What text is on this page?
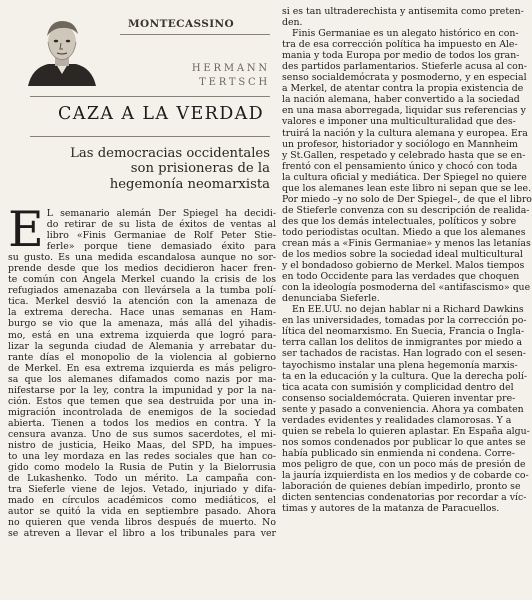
MONTECASSINO
HERMANN
TERTSCH
CAZA A LA VERDAD
Las democracias occidentales
son prisioneras de la
hegemonía neomarxista
E L semanario alemán Der Spiegel ha decidi-
do retirar de su lista de éxitos de ventas al
libro «Finis Germaniae de Rolf Peter Stie-
ferle» porque tiene demasiado éxito para
su gusto. Es una medida escandalosa aunque no sor-
prende desde que los medios decidieron hacer fren-
te común con Angela Merkel cuando la crisis de los
refugiados amenazaba con llevársela a la tumba polí-
tica. Merkel desvió la atención con la amenaza de
la extrema derecha. Hace unas semanas en Ham-
burgo se vio que la amenaza, más allá del yihadis-
mo, está en una extrema izquierda que logró para-
lizar la segunda ciudad de Alemania y arrebatar du-
rante días el monopolio de la violencia al gobierno
de Merkel. En esa extrema izquierda es más peligro-
sa que los alemanes difamados como nazis por ma-
nifestarse por la ley, contra la impunidad y por la na-
ción. Estos que temen que sea destruida por una in-
migración incontrolada de enemigos de la sociedad
abierta. Tienen a todos los medios en contra. Y la
censura avanza. Uno de sus sumos sacerdotes, el mi-
nistro de justicia, Heiko Maas, del SPD, ha impues-
to una ley mordaza en las redes sociales que han co-
gido como modelo la Rusia de Putin y la Bielorrusia
de Lukashenko. Todo un mérito. La campaña con-
tra Sieferle viene de lejos. Vetado, injuriado y difa-
mado en círculos académicos como mediáticos, el
autor se quitó la vida en septiembre pasado. Ahora
no quieren que venda libros después de muerto. No
se atreven a llevar el libro a los tribunales para ver
si es tan ultraderechista y antisemita como preten-
den.
Finis Germaniae es un alegato histórico en con-
tra de esa corrección política ha impuesto en Ale-
mania y toda Europa por medio de todos los gran-
des partidos parlamentarios. Stieferle acusa al con-
senso socialdemócrata y posmoderno, y en especial
a Merkel, de atentar contra la propia existencia de
la nación alemana, haber convertido a la sociedad
en una masa aborregada, liquidar sus referencias y
valores e imponer una multiculturalidad que des-
truirá la nación y la cultura alemana y europea. Era
un profesor, historiador y sociólogo en Mannheim
y St.Gallen, respetado y celebrado hasta que se en-
frentó con el pensamiento único y chocó con toda
la cultura oficial y mediática. Der Spiegel no quiere
que los alemanes lean este libro ni sepan que se lee.
Por miedo –y no solo de Der Spiegel–, de que el libro
de Stieferle convenza con su descripción de realida-
des que los demás intelectuales, políticos y sobre
todo periodistas ocultan. Miedo a que los alemanes
crean más a «Finis Germaniae» y menos las letanías
de los medios sobre la sociedad ideal multicultural
y el bondadoso gobierno de Merkel. Malos tiempos
en todo Occidente para las verdades que choquen
con la ideología posmoderna del «antifascismo» que
denunciaba Sieferle.
En EE.UU. no dejan hablar ni a Richard Dawkins
en las universidades, tomadas por la corrección po-
lítica del neomarxismo. En Suecia, Francia o Ingla-
terra callan los delitos de inmigrantes por miedo a
ser tachados de racistas. Han logrado con el sesen-
tayochismo instalar una plena hegemonía marxis-
ta en la educación y la cultura. Que la derecha polí-
tica acata con sumisión y complicidad dentro del
consenso socialdemócrata. Quieren inventar pre-
sente y pasado a conveniencia. Ahora ya combaten
verdades evidentes y realidades clamorosas. Y a
quien se rebela lo quieren aplastar. En España algu-
nos somos condenados por publicar lo que antes se
había publicado sin enmienda ni condena. Corre-
mos peligro de que, con un poco más de presión de
la jauría izquierdista en los medios y de cobarde co-
laboración de quienes debían impedirlo, pronto se
dicten sentencias condenatorias por recordar a víc-
timas y autores de la matanza de Paracuellos.
